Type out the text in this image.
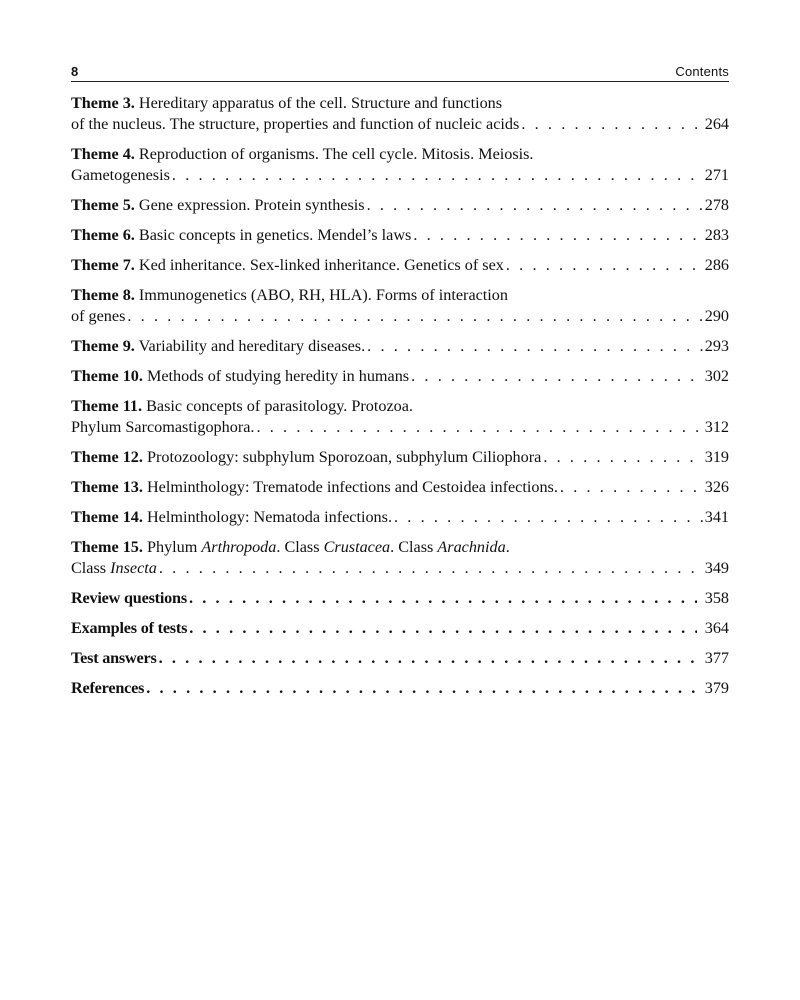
8	Contents
Theme 3. Hereditary apparatus of the cell. Structure and functions
of the nucleus. The structure, properties and function of nucleic acids . . .	264
Theme 4. Reproduction of organisms. The cell cycle. Mitosis. Meiosis.
Gametogenesis . . .	271
Theme 5. Gene expression. Protein synthesis . . .	278
Theme 6. Basic concepts in genetics. Mendel’s laws . . .	283
Theme 7. Ked inheritance. Sex-linked inheritance. Genetics of sex . . .	286
Theme 8. Immunogenetics (ABO, RH, HLA). Forms of interaction
of genes . . .	290
Theme 9. Variability and hereditary diseases. . . .	293
Theme 10. Methods of studying heredity in humans . . .	302
Theme 11. Basic concepts of parasitology. Protozoa.
Phylum Sarcomastigophora. . . .	312
Theme 12. Protozoology: subphylum Sporozoan, subphylum Ciliophora . . .	319
Theme 13. Helminthology: Trematode infections and Cestoidea infections. . . .	326
Theme 14. Helminthology: Nematoda infections. . . .	341
Theme 15. Phylum Arthropoda. Class Crustacea. Class Arachnida.
Class Insecta . . .	349
Review questions . . .	358
Examples of tests . . .	364
Test answers . . .	377
References . . .	379
